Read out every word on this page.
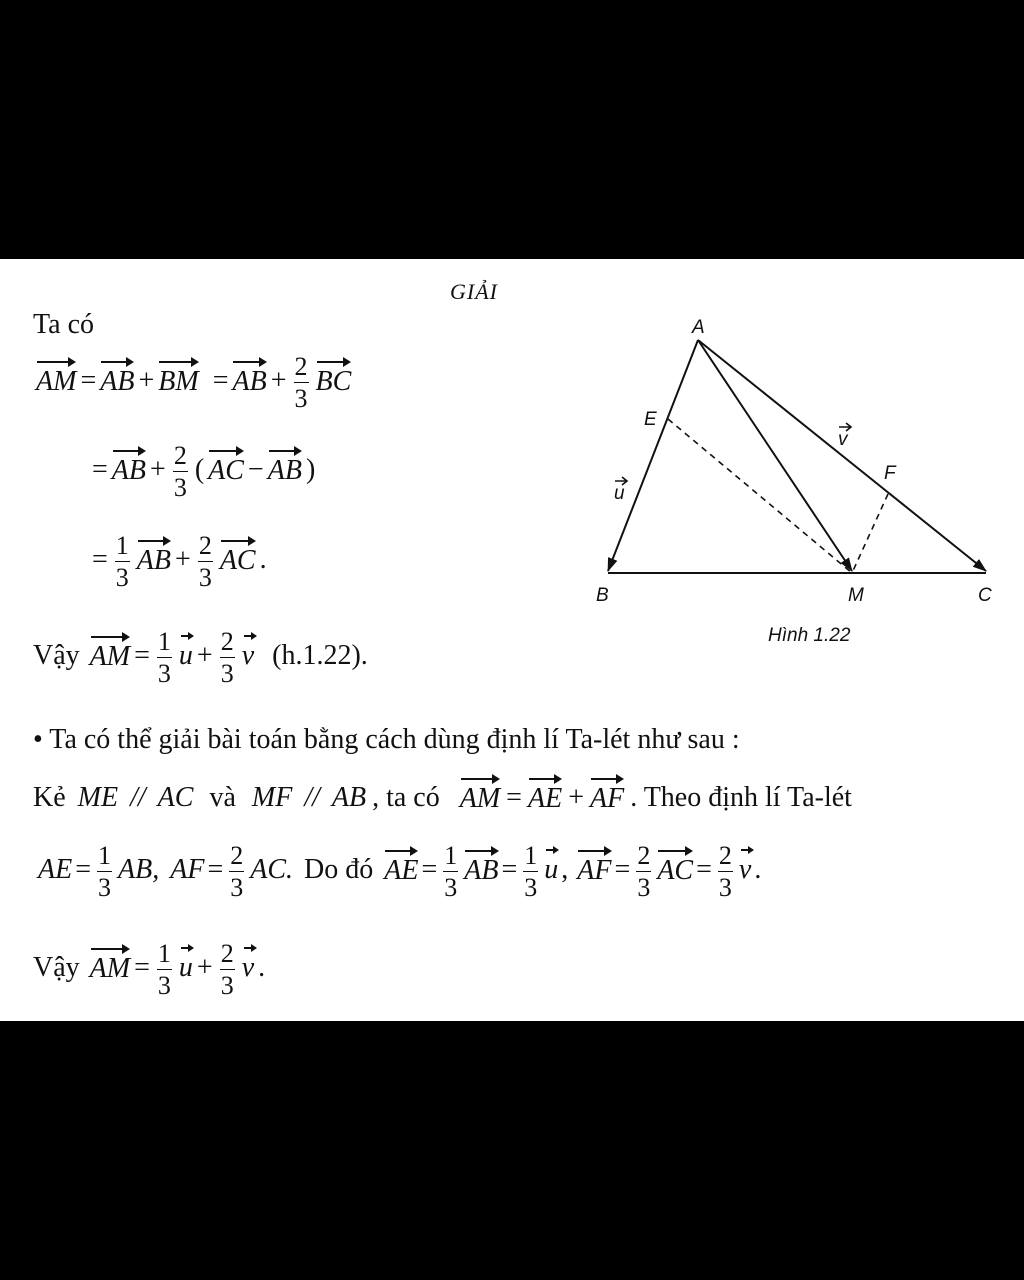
GIẢI
Ta có
AM = AB + BM = AB + $\frac{2}{3}$ BC
= AB + $\frac{2}{3}$ ( AC − AB )
= $\frac{1}{3}$ AB + $\frac{2}{3}$ AC .
Vậy AM = $\frac{1}{3}$ $u + \frac{2}{3}$ v (h.1.22).
A
B	C
E
F
M
u
v
Hình 1.22
• Ta có thể giải bài toán bằng cách dùng định lí Ta-lét như sau :
Kẻ ME // AC và MF // AB , ta có AM = AE + AF . Theo định lí Ta-lét
AE = $\frac{1}{3}$ AB, AF = $\frac{2}{3}$ AC. Do đó AE = $\frac{1}{3}$ AB = $\frac{1}{3}$ u , AF = $\frac{2}{3}$ AC = $\frac{2}{3}$ v .
Vậy AM = $\frac{1}{3}$ $u + \frac{2}{3}$ v .
